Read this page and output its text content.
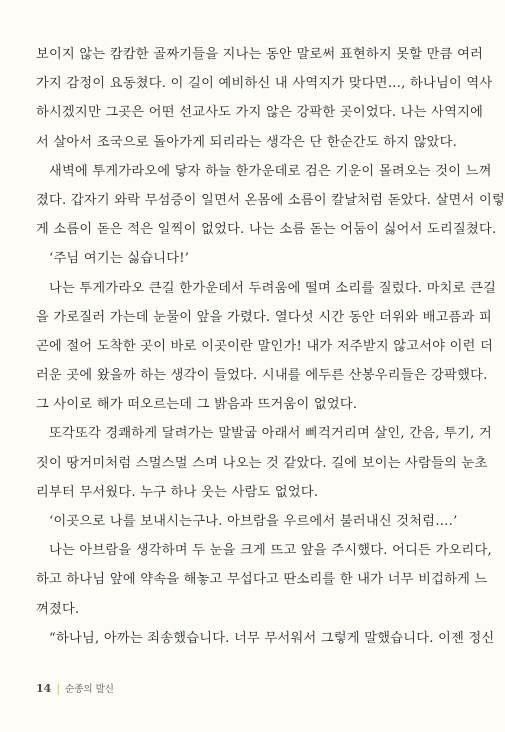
보이지 않는 캄캄한 골짜기들을 지나는 동안 말로써 표현하지 못할 만큼 여러
가지 감정이 요동쳤다. 이 길이 예비하신 내 사역지가 맞다면…, 하나님이 역사
하시겠지만 그곳은 어떤 선교사도 가지 않은 강팍한 곳이었다. 나는 사역지에
서 살아서 조국으로 돌아가게 되리라는 생각은 단 한순간도 하지 않았다.
새벽에 투게가라오에 닿자 하늘 한가운데로 검은 기운이 몰려오는 것이 느껴
졌다. 갑자기 와락 무섬증이 일면서 온몸에 소름이 칼날처럼 돋았다. 살면서 이렇
게 소름이 돋은 적은 일찍이 없었다. 나는 소름 돋는 어둠이 싫어서 도리질쳤다.
‘주님 여기는 싫습니다!’
나는 투게가라오 큰길 한가운데서 두려움에 떨며 소리를 질렀다. 마치로 큰길
을 가로질러 가는데 눈물이 앞을 가렸다. 열다섯 시간 동안 더위와 배고픔과 피
곤에 절어 도착한 곳이 바로 이곳이란 말인가! 내가 저주받지 않고서야 이런 더
러운 곳에 왔을까 하는 생각이 들었다. 시내를 에두른 산봉우리들은 강팍했다.
그 사이로 해가 떠오르는데 그 밝음과 뜨거움이 없었다.
또각또각 경쾌하게 달려가는 말발굽 아래서 삐걱거리며 살인, 간음, 투기, 거
짓이 땅거미처럼 스멀스멀 스며 나오는 것 같았다. 길에 보이는 사람들의 눈초
리부터 무서웠다. 누구 하나 웃는 사람도 없었다.
‘이곳으로 나를 보내시는구나. 아브람을 우르에서 불러내신 것처럼….’
나는 아브람을 생각하며 두 눈을 크게 뜨고 앞을 주시했다. 어디든 가오리다,
하고 하나님 앞에 약속을 해놓고 무섭다고 딴소리를 한 내가 너무 비겁하게 느
껴졌다.
“하나님, 아까는 죄송했습니다. 너무 무서워서 그렇게 말했습니다. 이젠 정신
14 | 순종의 발신
